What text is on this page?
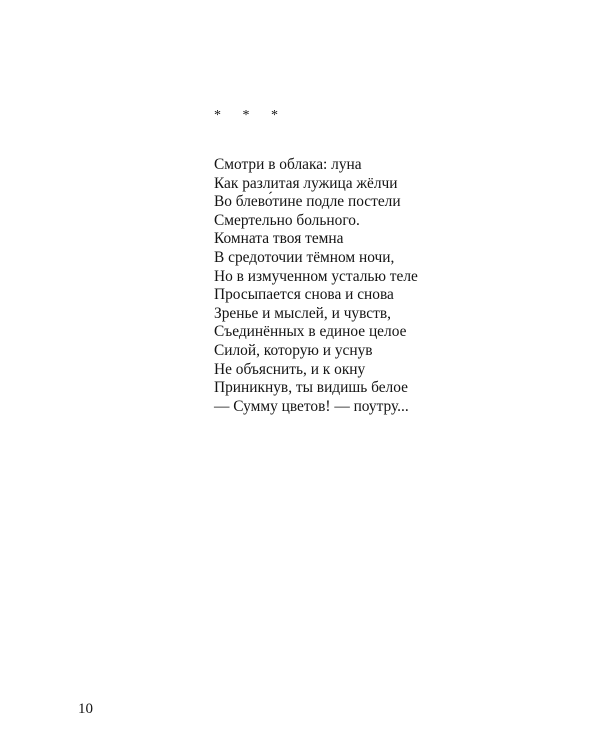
* * *
Смотри в облака: луна
Как разлитая лужица жёлчи
Во блево́тине подле постели
Смертельно больного.
Комната твоя темна
В средоточии тёмном ночи,
Но в измученном усталью теле
Просыпается снова и снова
Зренье и мыслей, и чувств,
Съединённых в единое целое
Силой, которую и уснув
Не объяснить, и к окну
Приникнув, ты видишь белое
— Сумму цветов! — поутру...
10
